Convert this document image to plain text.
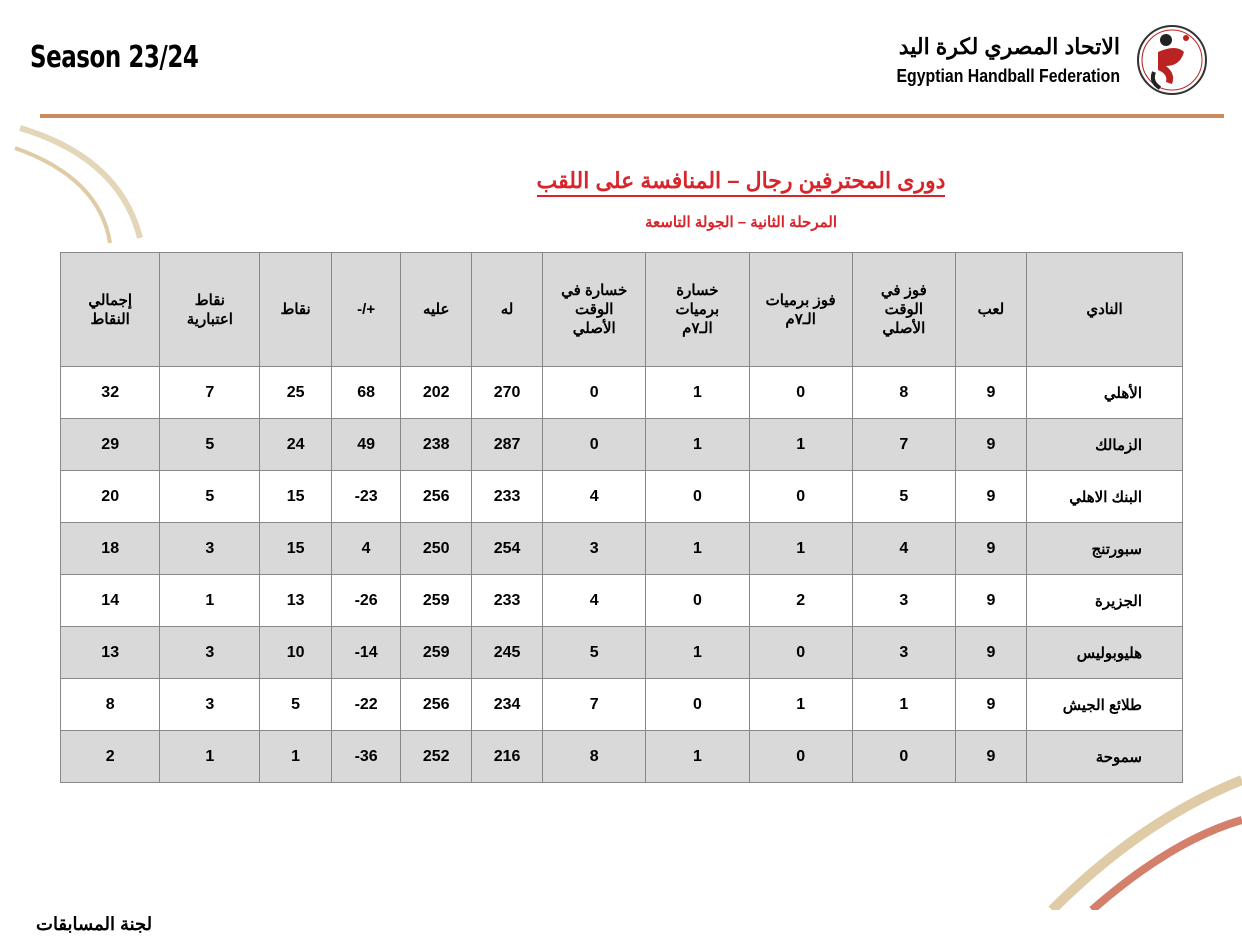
Season 23/24	الاتحاد المصري لكرة اليد
Egyptian Handball Federation
دورى المحترفين رجال – المنافسة على اللقب
المرحلة الثانية – الجولة التاسعة
النادي	لعب	فوز في الوقت الأصلي	فوز برميات الـ٧م	خسارة برميات الـ٧م	خسارة في الوقت الأصلي	له	عليه	+/-	نقاط	نقاط اعتبارية	إجمالي النقاط
الأهلي	9	8	0	1	0	270	202	68	25	7	32
الزمالك	9	7	1	1	0	287	238	49	24	5	29
البنك الاهلي	9	5	0	0	4	233	256	-23	15	5	20
سبورتنج	9	4	1	1	3	254	250	4	15	3	18
الجزيرة	9	3	2	0	4	233	259	-26	13	1	14
هليوبوليس	9	3	0	1	5	245	259	-14	10	3	13
طلائع الجيش	9	1	1	0	7	234	256	-22	5	3	8
سموحة	9	0	0	1	8	216	252	-36	1	1	2
لجنة المسابقات
